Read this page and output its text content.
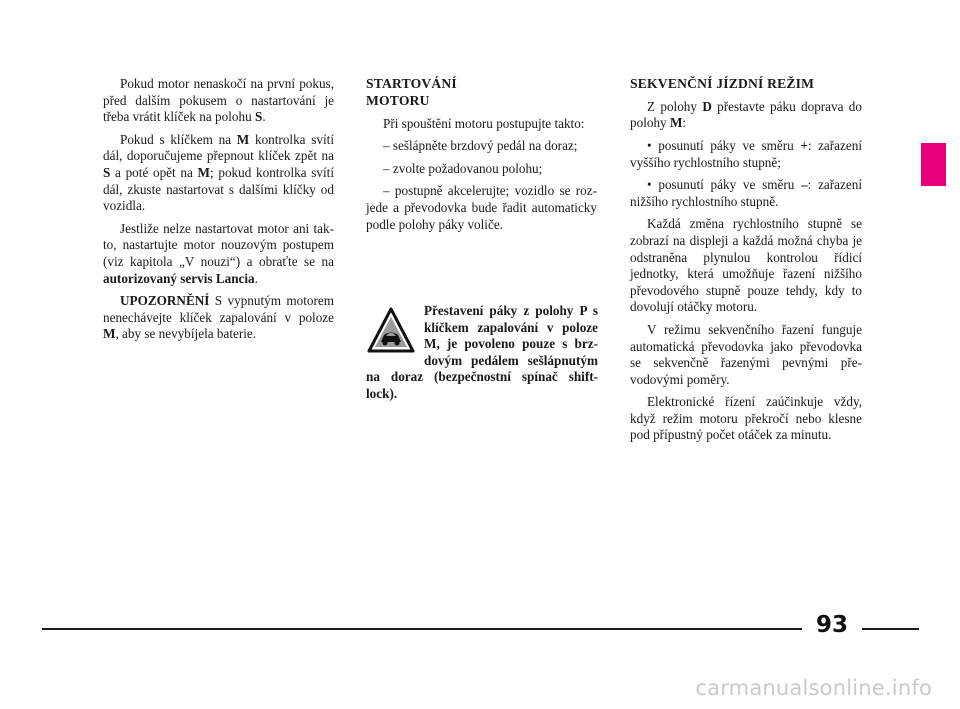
Pokud motor nenaskočí na první pokus, před dalším pokusem o nastartování je třeba vrátit klíček na polohu S.

Pokud s klíčkem na M kontrolka svítí dál, doporučujeme přepnout klíček zpět na S a poté opět na M; pokud kontrolka svítí dál, zkuste nastartovat s dalšími klíčky od vozidla.

Jestliže nelze nastartovat motor ani takto, nastartujte motor nouzovým postupem (viz kapitola „V nouzi“) a obraťte se na autorizovaný servis Lancia.

UPOZORNĚNÍ S vypnutým motorem nenechávejte klíček zapalování v poloze M, aby se nevybíjela baterie.

STARTOVÁNÍ
MOTORU

Při spouštění motoru postupujte takto:

– sešlápněte brzdový pedál na doraz;

– zvolte požadovanou polohu;

– postupně akcelerujte; vozidlo se rozjede a převodovka bude řadit automaticky podle polohy páky voliče.

Přestavení páky z polohy P s klíčkem zapalování v poloze M, je povoleno pouze s brzdovým pedálem sešlápnutým na doraz (bezpečnostní spínač shift-lock).
SEKVENČNÍ JÍZDNÍ REŽIM

Z polohy D přestavte páku doprava do polohy M:

• posunutí páky ve směru +: zařazení vyššího rychlostního stupně;

• posunutí páky ve směru –: zařazení nižšího rychlostního stupně.

Každá změna rychlostního stupně se zobrazí na displeji a každá možná chyba je odstraněna plynulou kontrolou řídicí jednotky, která umožňuje řazení nižšího převodového stupně pouze tehdy, kdy to dovolují otáčky motoru.

V režimu sekvenčního řazení funguje automatická převodovka jako převodovka se sekvenčně řazenými pevnými převodovými poměry.

Elektronické řízení zaúčinkuje vždy, když režim motoru překročí nebo klesne pod přípustný počet otáček za minutu.

93
carmanualsonline.info
